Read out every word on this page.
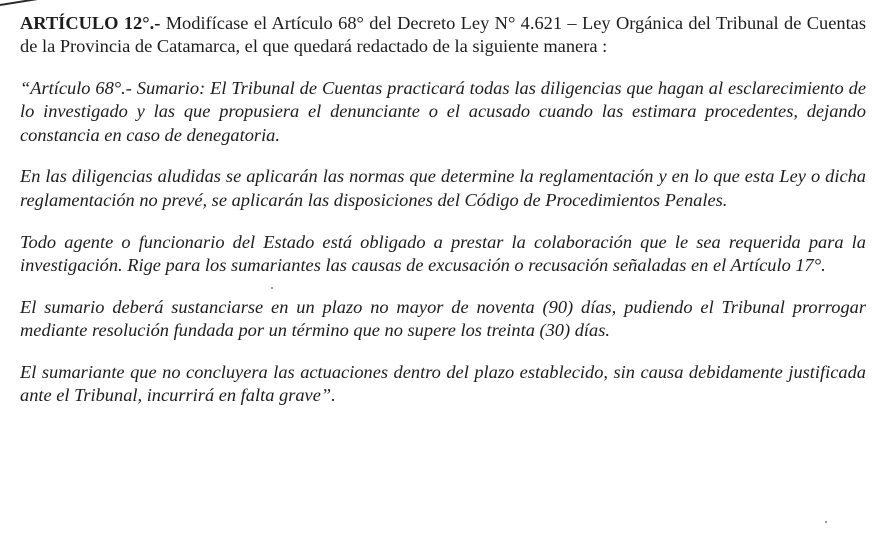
ARTÍCULO 12°.- Modifícase el Artículo 68° del Decreto Ley N° 4.621 – Ley Orgánica del Tribunal de Cuentas de la Provincia de Catamarca, el que quedará redactado de la siguiente manera :

“Artículo 68°.- Sumario: El Tribunal de Cuentas practicará todas las diligencias que hagan al esclarecimiento de lo investigado y las que propusiera el denunciante o el acusado cuando las estimara procedentes, dejando constancia en caso de denegatoria.

En las diligencias aludidas se aplicarán las normas que determine la reglamentación y en lo que esta Ley o dicha reglamentación no prevé, se aplicarán las disposiciones del Código de Procedimientos Penales.

Todo agente o funcionario del Estado está obligado a prestar la colaboración que le sea requerida para la investigación. Rige para los sumariantes las causas de excusación o recusación señaladas en el Artículo 17°.

El sumario deberá sustanciarse en un plazo no mayor de noventa (90) días, pudiendo el Tribunal prorrogar mediante resolución fundada por un término que no supere los treinta (30) días.

El sumariante que no concluyera las actuaciones dentro del plazo establecido, sin causa debidamente justificada ante el Tribunal, incurrirá en falta grave”.
